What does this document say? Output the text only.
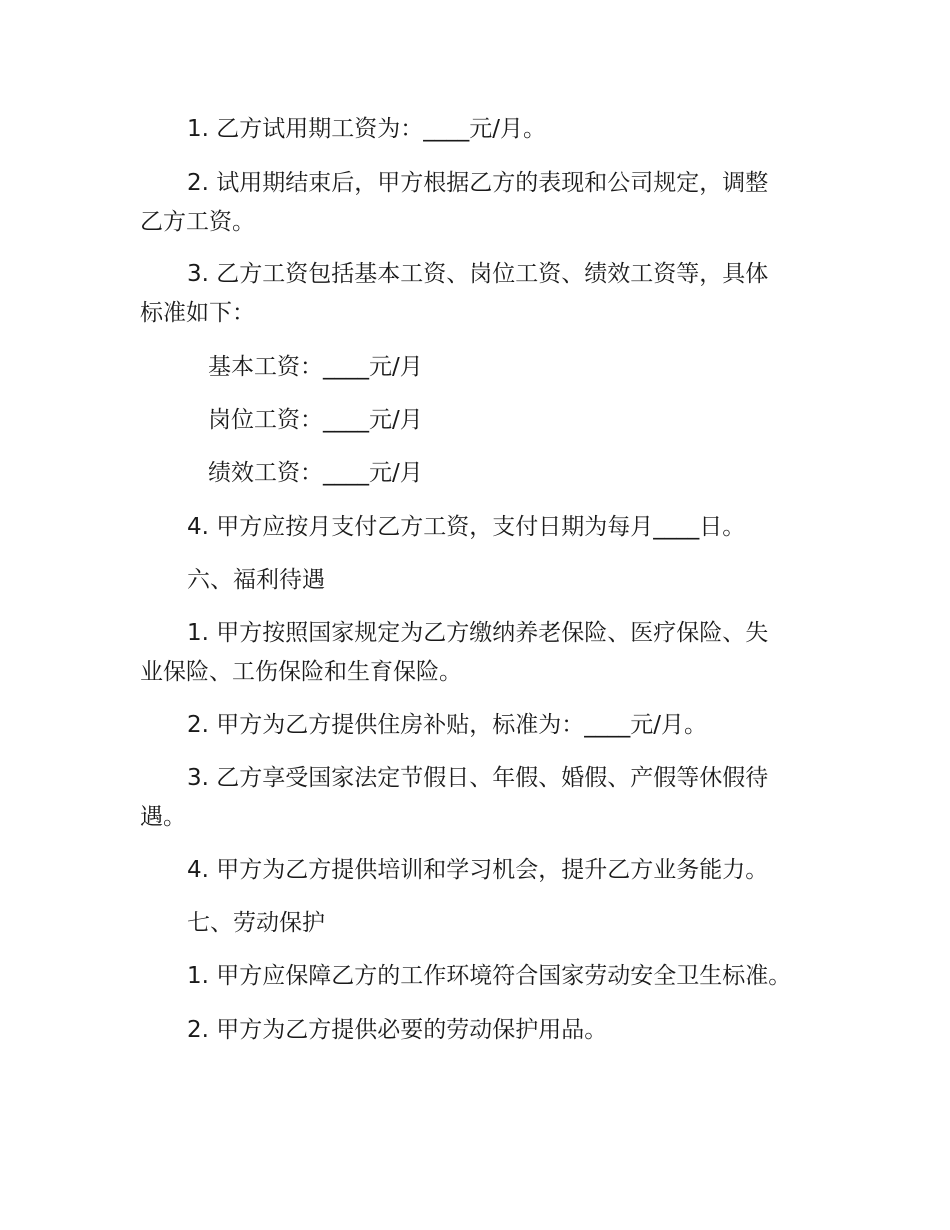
1. 乙方试用期工资为：____元/月。
2. 试用期结束后，甲方根据乙方的表现和公司规定，调整
乙方工资。
3. 乙方工资包括基本工资、岗位工资、绩效工资等，具体
标准如下：
基本工资：____元/月
岗位工资：____元/月
绩效工资：____元/月
4. 甲方应按月支付乙方工资，支付日期为每月____日。
六、福利待遇
1. 甲方按照国家规定为乙方缴纳养老保险、医疗保险、失
业保险、工伤保险和生育保险。
2. 甲方为乙方提供住房补贴，标准为：____元/月。
3. 乙方享受国家法定节假日、年假、婚假、产假等休假待
遇。
4. 甲方为乙方提供培训和学习机会，提升乙方业务能力。
七、劳动保护
1. 甲方应保障乙方的工作环境符合国家劳动安全卫生标准。
2. 甲方为乙方提供必要的劳动保护用品。
